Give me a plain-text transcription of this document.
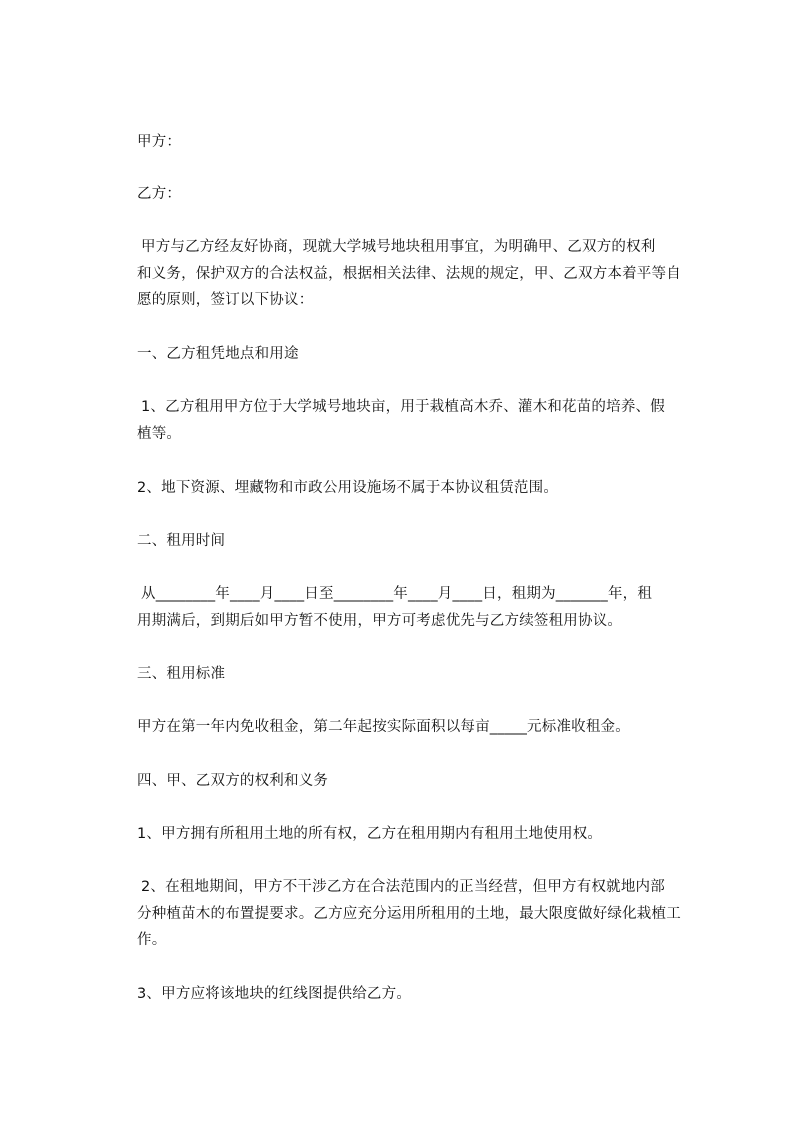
甲方：

乙方：

甲方与乙方经友好协商，现就大学城号地块租用事宜，为明确甲、乙双方的权利

和义务，保护双方的合法权益，根据相关法律、法规的规定，甲、乙双方本着平等自

愿的原则，签订以下协议：

一、乙方租凭地点和用途

1、乙方租用甲方位于大学城号地块亩，用于栽植高木乔、灌木和花苗的培养、假

植等。

2、地下资源、埋藏物和市政公用设施场不属于本协议租赁范围。

二、租用时间

从________年____月____日至________年____月____日，租期为_______年，租

用期满后，到期后如甲方暂不使用，甲方可考虑优先与乙方续签租用协议。

三、租用标准

甲方在第一年内免收租金，第二年起按实际面积以每亩_____元标准收租金。

四、甲、乙双方的权利和义务

1、甲方拥有所租用土地的所有权，乙方在租用期内有租用土地使用权。

2、在租地期间，甲方不干涉乙方在合法范围内的正当经营，但甲方有权就地内部

分种植苗木的布置提要求。乙方应充分运用所租用的土地，最大限度做好绿化栽植工

作。

3、甲方应将该地块的红线图提供给乙方。
